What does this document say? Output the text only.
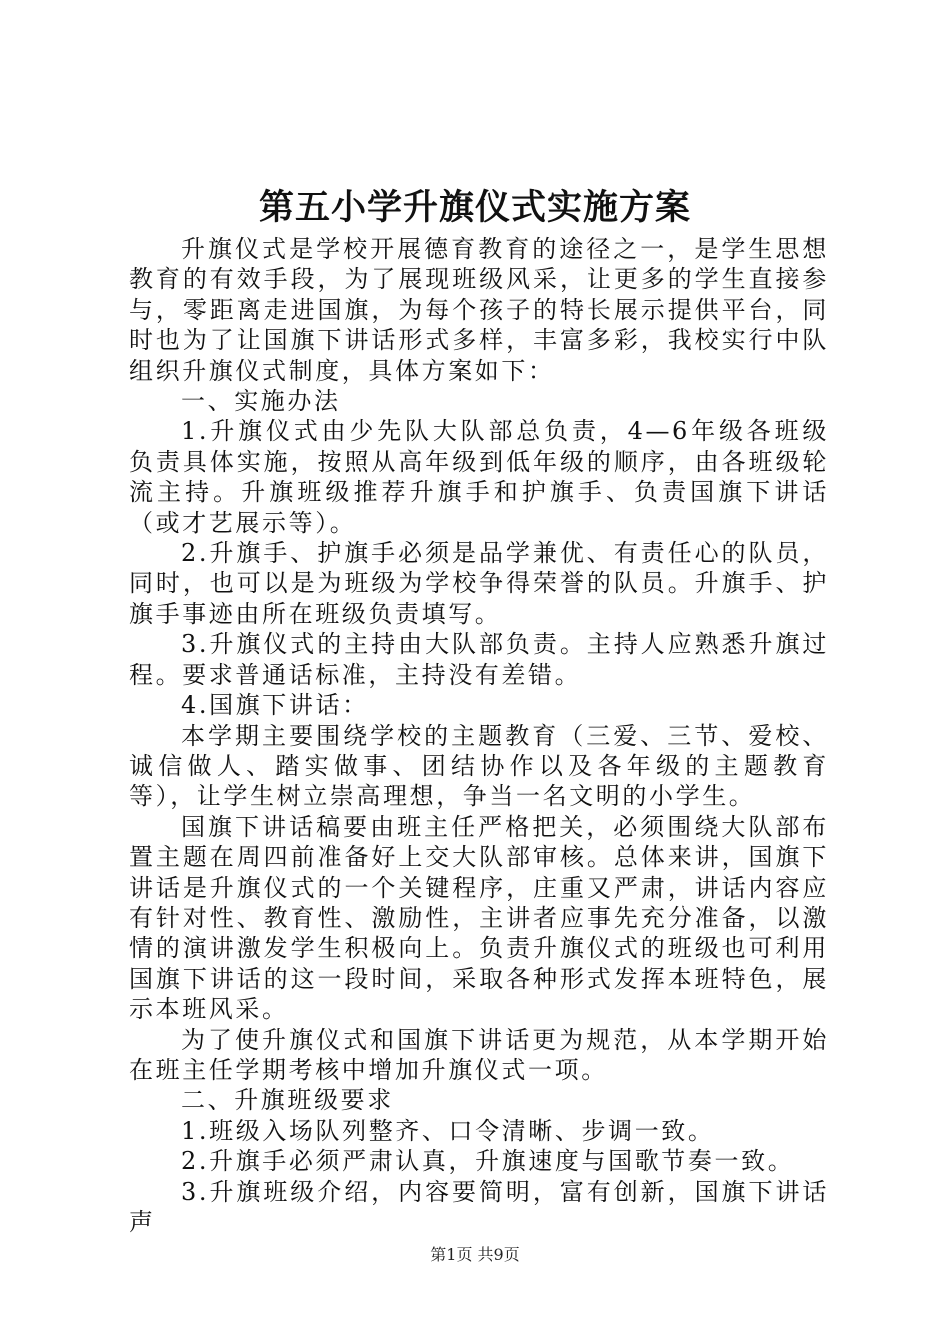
第五小学升旗仪式实施方案

升旗仪式是学校开展德育教育的途径之一，是学生思想教育的有效手段，为了展现班级风采，让更多的学生直接参与，零距离走进国旗，为每个孩子的特长展示提供平台，同时也为了让国旗下讲话形式多样，丰富多彩，我校实行中队组织升旗仪式制度，具体方案如下：

一、实施办法

1.升旗仪式由少先队大队部总负责，4—6年级各班级负责具体实施，按照从高年级到低年级的顺序，由各班级轮流主持。升旗班级推荐升旗手和护旗手、负责国旗下讲话（或才艺展示等）。

2.升旗手、护旗手必须是品学兼优、有责任心的队员，同时，也可以是为班级为学校争得荣誉的队员。升旗手、护旗手事迹由所在班级负责填写。

3.升旗仪式的主持由大队部负责。主持人应熟悉升旗过程。要求普通话标准，主持没有差错。

4.国旗下讲话：

本学期主要围绕学校的主题教育（三爱、三节、爱校、诚信做人、踏实做事、团结协作以及各年级的主题教育等），让学生树立崇高理想，争当一名文明的小学生。

国旗下讲话稿要由班主任严格把关，必须围绕大队部布置主题在周四前准备好上交大队部审核。总体来讲，国旗下讲话是升旗仪式的一个关键程序，庄重又严肃，讲话内容应有针对性、教育性、激励性，主讲者应事先充分准备，以激情的演讲激发学生积极向上。负责升旗仪式的班级也可利用国旗下讲话的这一段时间，采取各种形式发挥本班特色，展示本班风采。

为了使升旗仪式和国旗下讲话更为规范，从本学期开始在班主任学期考核中增加升旗仪式一项。

二、升旗班级要求

1.班级入场队列整齐、口令清晰、步调一致。

2.升旗手必须严肃认真，升旗速度与国歌节奏一致。

3.升旗班级介绍，内容要简明，富有创新，国旗下讲话声

第1页 共9页
